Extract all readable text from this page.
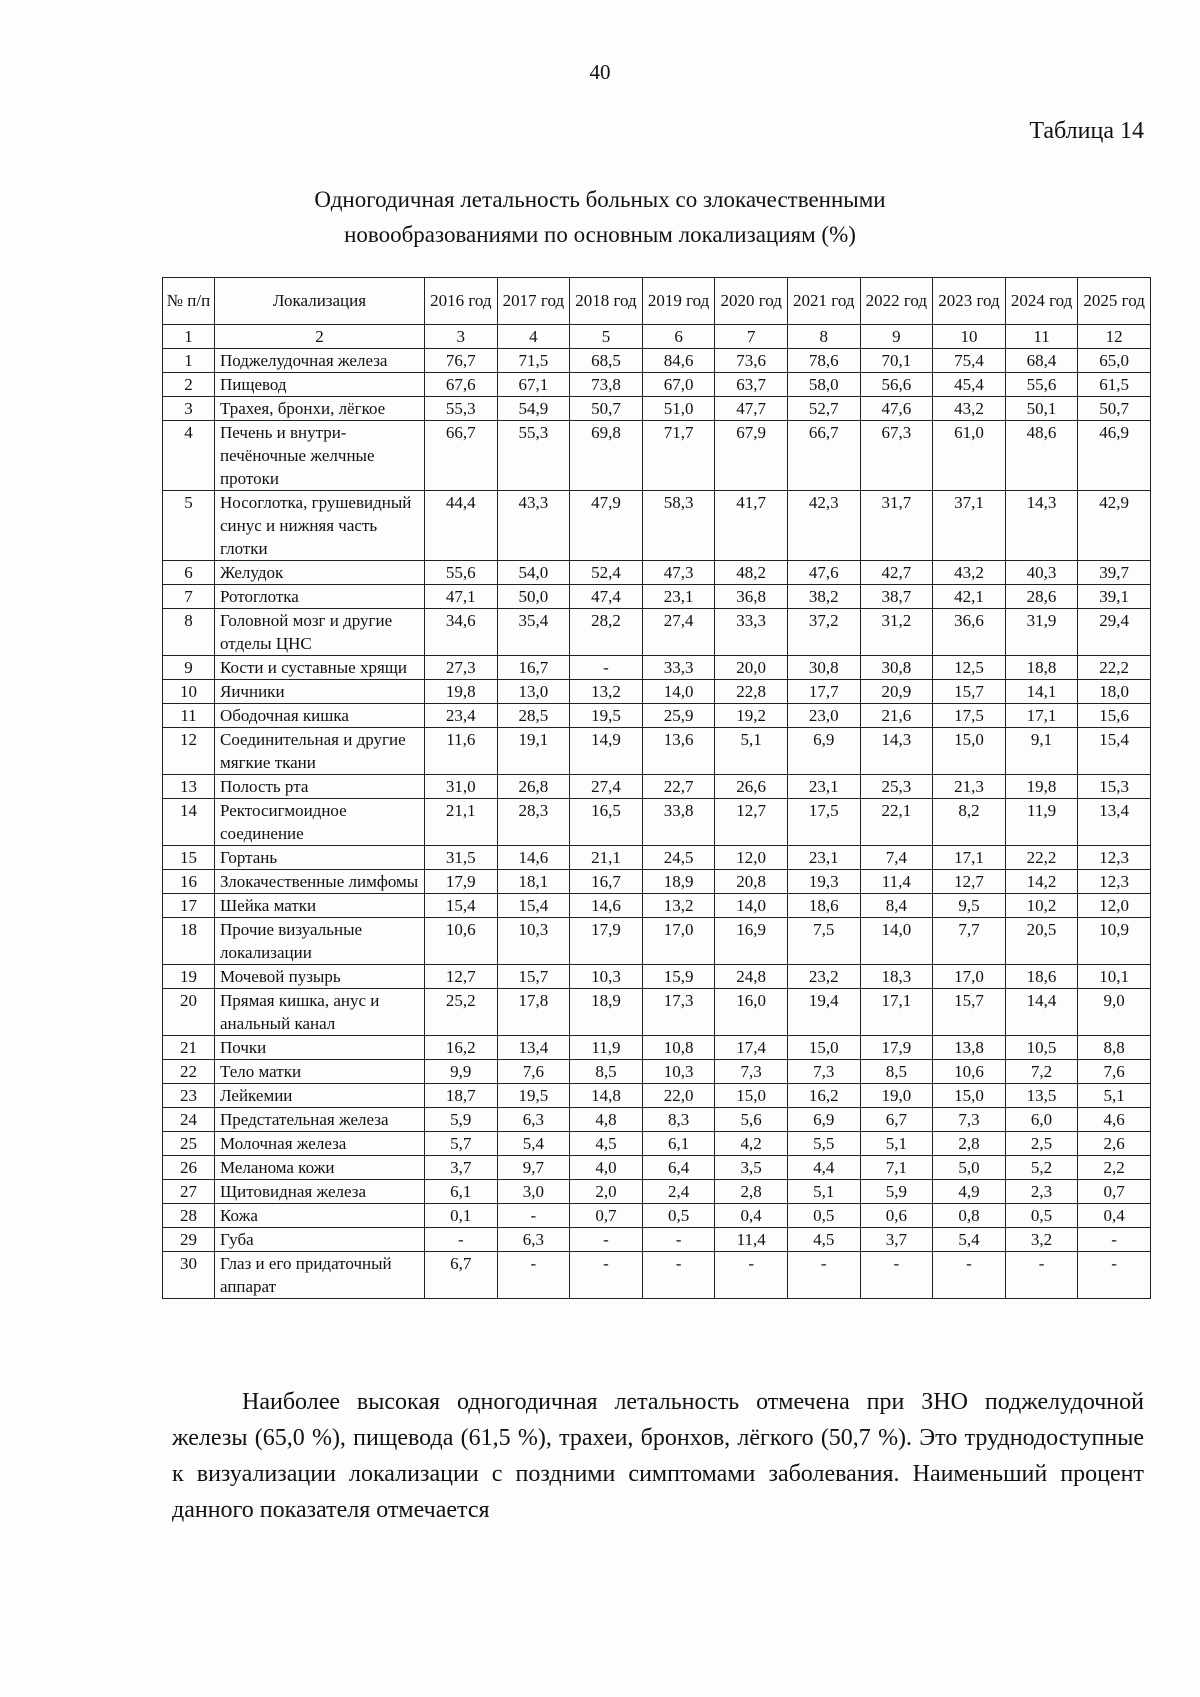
40
Таблица 14
Одногодичная летальность больных со злокачественными
новообразованиями по основным локализациям (%)
№ п/п	Локализация	2016 год	2017 год	2018 год	2019 год	2020 год	2021 год	2022 год	2023 год	2024 год	2025 год
1	2	3	4	5	6	7	8	9	10	11	12
1	Поджелудочная железа	76,7	71,5	68,5	84,6	73,6	78,6	70,1	75,4	68,4	65,0
2	Пищевод	67,6	67,1	73,8	67,0	63,7	58,0	56,6	45,4	55,6	61,5
3	Трахея, бронхи, лёгкое	55,3	54,9	50,7	51,0	47,7	52,7	47,6	43,2	50,1	50,7
4	Печень и внутри-печёночные желчные протоки	66,7	55,3	69,8	71,7	67,9	66,7	67,3	61,0	48,6	46,9
5	Носоглотка, грушевидный синус и нижняя часть глотки	44,4	43,3	47,9	58,3	41,7	42,3	31,7	37,1	14,3	42,9
6	Желудок	55,6	54,0	52,4	47,3	48,2	47,6	42,7	43,2	40,3	39,7
7	Ротоглотка	47,1	50,0	47,4	23,1	36,8	38,2	38,7	42,1	28,6	39,1
8	Головной мозг и другие отделы ЦНС	34,6	35,4	28,2	27,4	33,3	37,2	31,2	36,6	31,9	29,4
9	Кости и суставные хрящи	27,3	16,7	-	33,3	20,0	30,8	30,8	12,5	18,8	22,2
10	Яичники	19,8	13,0	13,2	14,0	22,8	17,7	20,9	15,7	14,1	18,0
11	Ободочная кишка	23,4	28,5	19,5	25,9	19,2	23,0	21,6	17,5	17,1	15,6
12	Соединительная и другие мягкие ткани	11,6	19,1	14,9	13,6	5,1	6,9	14,3	15,0	9,1	15,4
13	Полость рта	31,0	26,8	27,4	22,7	26,6	23,1	25,3	21,3	19,8	15,3
14	Ректосигмоидное соединение	21,1	28,3	16,5	33,8	12,7	17,5	22,1	8,2	11,9	13,4
15	Гортань	31,5	14,6	21,1	24,5	12,0	23,1	7,4	17,1	22,2	12,3
16	Злокачественные лимфомы	17,9	18,1	16,7	18,9	20,8	19,3	11,4	12,7	14,2	12,3
17	Шейка матки	15,4	15,4	14,6	13,2	14,0	18,6	8,4	9,5	10,2	12,0
18	Прочие визуальные локализации	10,6	10,3	17,9	17,0	16,9	7,5	14,0	7,7	20,5	10,9
19	Мочевой пузырь	12,7	15,7	10,3	15,9	24,8	23,2	18,3	17,0	18,6	10,1
20	Прямая кишка, анус и анальный канал	25,2	17,8	18,9	17,3	16,0	19,4	17,1	15,7	14,4	9,0
21	Почки	16,2	13,4	11,9	10,8	17,4	15,0	17,9	13,8	10,5	8,8
22	Тело матки	9,9	7,6	8,5	10,3	7,3	7,3	8,5	10,6	7,2	7,6
23	Лейкемии	18,7	19,5	14,8	22,0	15,0	16,2	19,0	15,0	13,5	5,1
24	Предстательная железа	5,9	6,3	4,8	8,3	5,6	6,9	6,7	7,3	6,0	4,6
25	Молочная железа	5,7	5,4	4,5	6,1	4,2	5,5	5,1	2,8	2,5	2,6
26	Меланома кожи	3,7	9,7	4,0	6,4	3,5	4,4	7,1	5,0	5,2	2,2
27	Щитовидная железа	6,1	3,0	2,0	2,4	2,8	5,1	5,9	4,9	2,3	0,7
28	Кожа	0,1	-	0,7	0,5	0,4	0,5	0,6	0,8	0,5	0,4
29	Губа	-	6,3	-	-	11,4	4,5	3,7	5,4	3,2	-
30	Глаз и его придаточный аппарат	6,7	-	-	-	-	-	-	-	-	-
Наиболее высокая одногодичная летальность отмечена при ЗНО поджелудочной железы (65,0 %), пищевода (61,5 %), трахеи, бронхов, лёгкого (50,7 %). Это труднодоступные к визуализации локализации с поздними симптомами заболевания. Наименьший процент данного показателя отмечается
